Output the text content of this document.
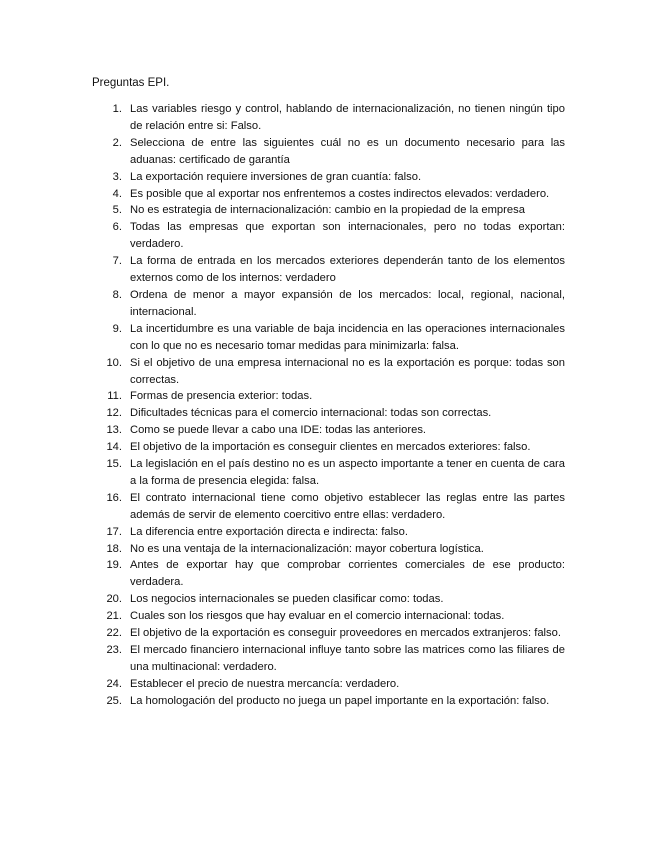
Preguntas EPI.
1. Las variables riesgo y control, hablando de internacionalización, no tienen ningún tipo de relación entre si: Falso.
2. Selecciona de entre las siguientes cuál no es un documento necesario para las aduanas: certificado de garantía
3. La exportación requiere inversiones de gran cuantía: falso.
4. Es posible que al exportar nos enfrentemos a costes indirectos elevados: verdadero.
5. No es estrategia de internacionalización: cambio en la propiedad de la empresa
6. Todas las empresas que exportan son internacionales, pero no todas exportan: verdadero.
7. La forma de entrada en los mercados exteriores dependerán tanto de los elementos externos como de los internos: verdadero
8. Ordena de menor a mayor expansión de los mercados: local, regional, nacional, internacional.
9. La incertidumbre es una variable de baja incidencia en las operaciones internacionales con lo que no es necesario tomar medidas para minimizarla: falsa.
10. Si el objetivo de una empresa internacional no es la exportación es porque: todas son correctas.
11. Formas de presencia exterior: todas.
12. Dificultades técnicas para el comercio internacional: todas son correctas.
13. Como se puede llevar a cabo una IDE: todas las anteriores.
14. El objetivo de la importación es conseguir clientes en mercados exteriores: falso.
15. La legislación en el país destino no es un aspecto importante a tener en cuenta de cara a la forma de presencia elegida: falsa.
16. El contrato internacional tiene como objetivo establecer las reglas entre las partes además de servir de elemento coercitivo entre ellas: verdadero.
17. La diferencia entre exportación directa e indirecta: falso.
18. No es una ventaja de la internacionalización: mayor cobertura logística.
19. Antes de exportar hay que comprobar corrientes comerciales de ese producto: verdadera.
20. Los negocios internacionales se pueden clasificar como: todas.
21. Cuales son los riesgos que hay evaluar en el comercio internacional: todas.
22. El objetivo de la exportación es conseguir proveedores en mercados extranjeros: falso.
23. El mercado financiero internacional influye tanto sobre las matrices como las filiares de una multinacional: verdadero.
24. Establecer el precio de nuestra mercancía: verdadero.
25. La homologación del producto no juega un papel importante en la exportación: falso.
